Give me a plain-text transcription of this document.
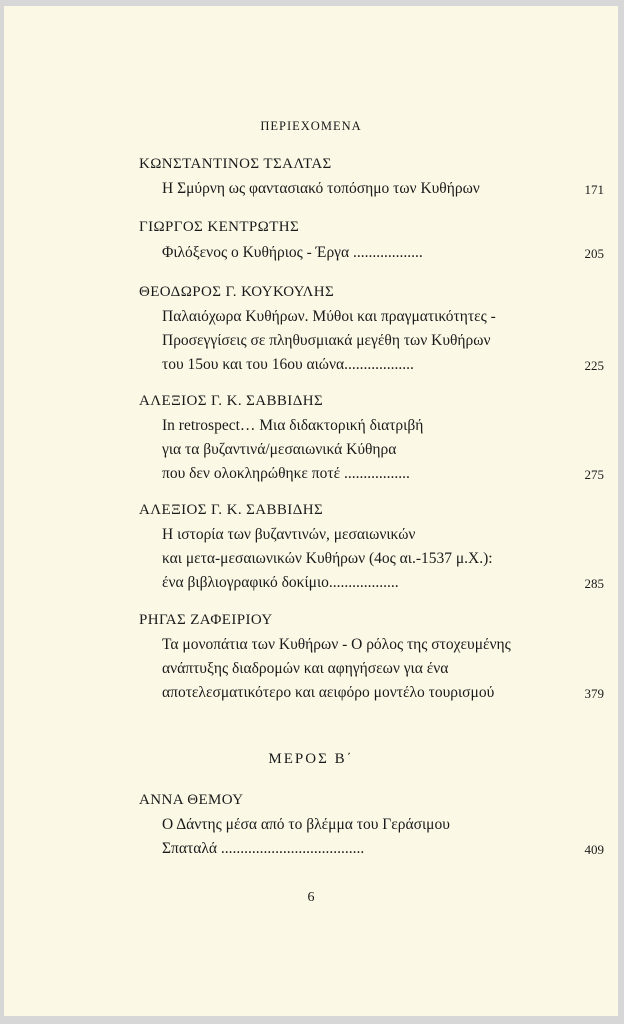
ΠΕΡΙΕΧΟΜΕΝΑ
ΚΩΝΣΤΑΝΤΙΝΟΣ ΤΣΑΛΤΑΣ
Η Σμύρνη ως φαντασιακό τοπόσημο των Κυθήρων	171
ΓΙΩΡΓΟΣ ΚΕΝΤΡΩΤΗΣ
Φιλόξενος ο Κυθήριος - Έργα ..................	205
ΘΕΟΔΩΡΟΣ Γ. ΚΟΥΚΟΥΛΗΣ
Παλαιόχωρα Κυθήρων. Μύθοι και πραγματικότητες -
Προσεγγίσεις σε πληθυσμιακά μεγέθη των Κυθήρων
του 15ου και του 16ου αιώνα..................	225
ΑΛΕΞΙΟΣ Γ. Κ. ΣΑΒΒΙΔΗΣ
In retrospect… Μια διδακτορική διατριβή
για τα βυζαντινά/μεσαιωνικά Κύθηρα
που δεν ολοκληρώθηκε ποτέ .................	275
ΑΛΕΞΙΟΣ Γ. Κ. ΣΑΒΒΙΔΗΣ
Η ιστορία των βυζαντινών, μεσαιωνικών
και μετα-μεσαιωνικών Κυθήρων (4ος αι.-1537 μ.Χ.):
ένα βιβλιογραφικό δοκίμιο..................	285
ΡΗΓΑΣ ΖΑΦΕΙΡΙΟΥ
Τα μονοπάτια των Κυθήρων - Ο ρόλος της στοχευμένης
ανάπτυξης διαδρομών και αφηγήσεων για ένα
αποτελεσματικότερο και αειφόρο μοντέλο τουρισμού	379
ΜΕΡΟΣ Β΄
ΑΝΝΑ ΘΕΜΟΥ
Ο Δάντης μέσα από το βλέμμα του Γεράσιμου
Σπαταλά .....................................	409
6
